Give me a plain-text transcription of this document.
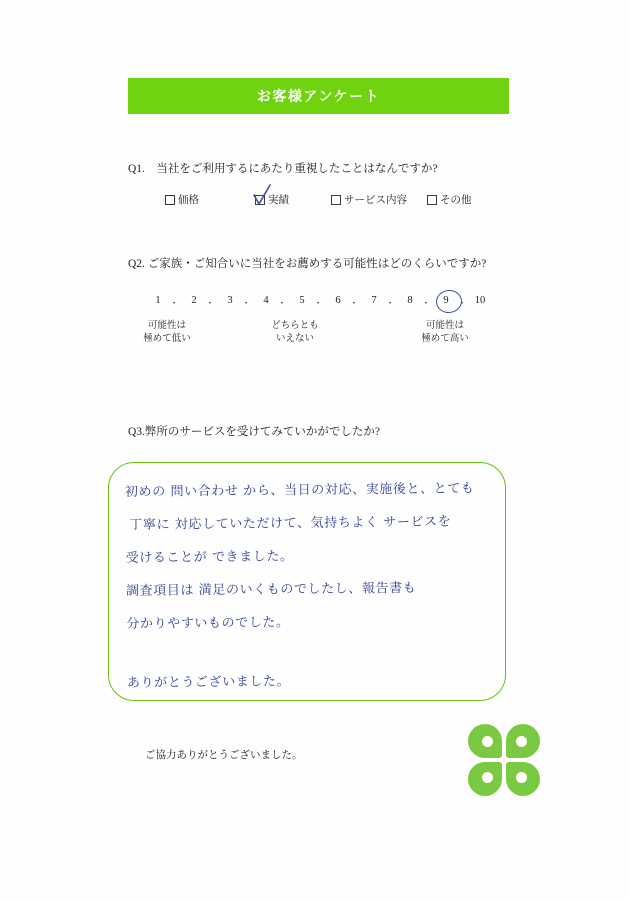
お客様アンケート
Q1.　当社をご利用するにあたり重視したことはなんですか?
価格	実績	サービス内容	その他
Q2. ご家族・ご知合いに当社をお薦めする可能性はどのくらいですか?
1 ・	2 ・	3 ・	4 ・	5 ・	6 ・	7 ・	8 ・	9 ・ 10
可能性は
極めて低い
どちらとも
いえない
可能性は
極めて高い
Q3.弊所のサービスを受けてみていかがでしたか?
初めの 問い合わせ から、当日の対応、実施後と、とても
丁寧に 対応していただけて、気持ちよく サービスを
受けることが できました。
調査項目は 満足のいくものでしたし、報告書も
分かりやすいものでした。
ありがとうございました。
ご協力ありがとうございました。
